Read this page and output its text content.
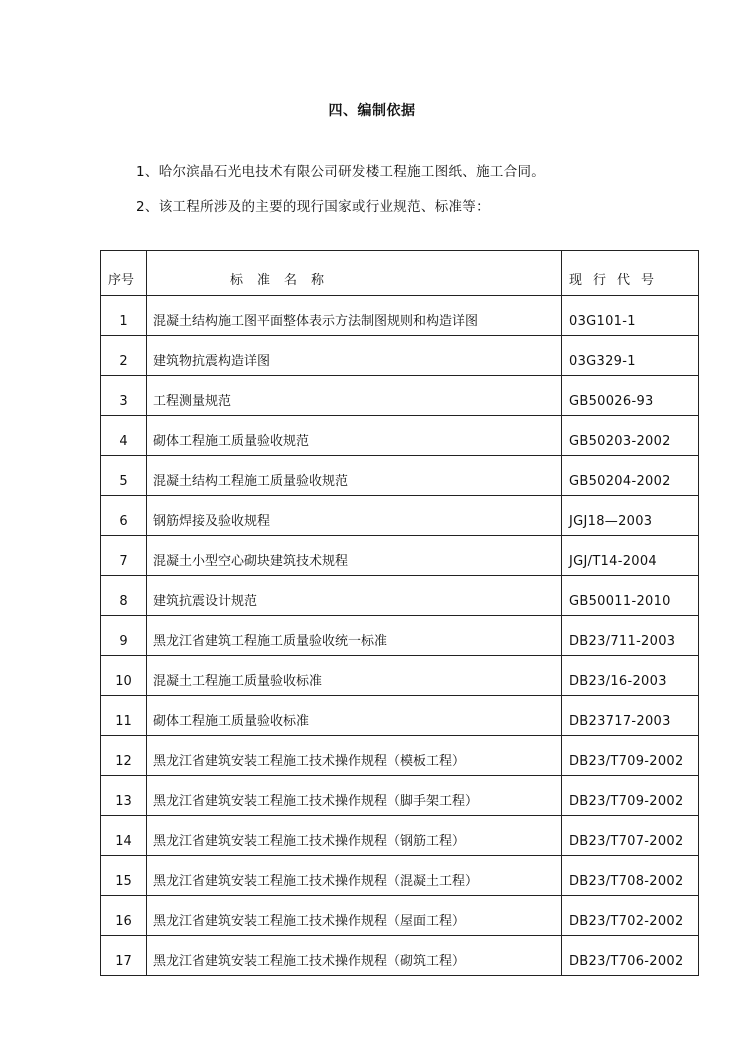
四、编制依据
1、哈尔滨晶石光电技术有限公司研发楼工程施工图纸、施工合同。
2、该工程所涉及的主要的现行国家或行业规范、标准等：
序号	标准名称	现行代号
1	混凝土结构施工图平面整体表示方法制图规则和构造详图	03G101-1
2	建筑物抗震构造详图	03G329-1
3	工程测量规范	GB50026-93
4	砌体工程施工质量验收规范	GB50203-2002
5	混凝土结构工程施工质量验收规范	GB50204-2002
6	钢筋焊接及验收规程	JGJ18—2003
7	混凝土小型空心砌块建筑技术规程	JGJ/T14-2004
8	建筑抗震设计规范	GB50011-2010
9	黑龙江省建筑工程施工质量验收统一标准	DB23/711-2003
10	混凝土工程施工质量验收标准	DB23/16-2003
11	砌体工程施工质量验收标准	DB23717-2003
12	黑龙江省建筑安装工程施工技术操作规程（模板工程）	DB23/T709-2002
13	黑龙江省建筑安装工程施工技术操作规程（脚手架工程）	DB23/T709-2002
14	黑龙江省建筑安装工程施工技术操作规程（钢筋工程）	DB23/T707-2002
15	黑龙江省建筑安装工程施工技术操作规程（混凝土工程）	DB23/T708-2002
16	黑龙江省建筑安装工程施工技术操作规程（屋面工程）	DB23/T702-2002
17	黑龙江省建筑安装工程施工技术操作规程（砌筑工程）	DB23/T706-2002
